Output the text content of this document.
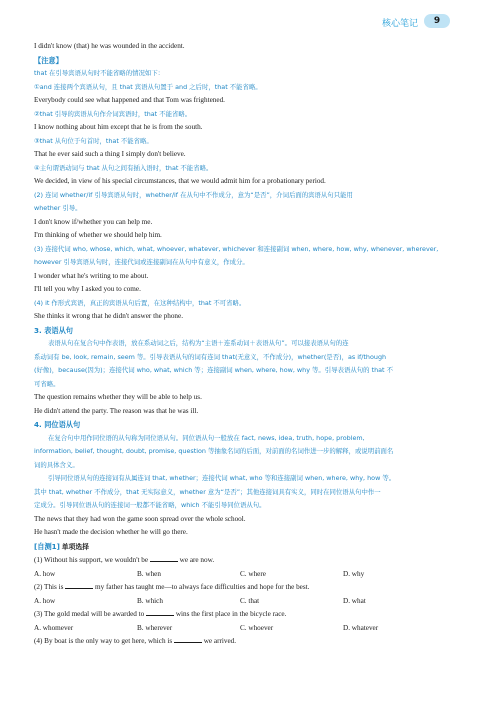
核心笔记	9

I didn't know (that) he was wounded in the accident.

【注意】

that 在引导宾语从句时不能省略的情况如下：

①and 连接两个宾语从句，且 that 宾语从句置于 and 之后时，that 不能省略。

Everybody could see what happened and that Tom was frightened.

②that 引导的宾语从句作介词宾语时，that 不能省略。

I know nothing about him except that he is from the south.

③that 从句位于句首时，that 不能省略。

That he ever said such a thing I simply don't believe.

④主句谓语动词与 that 从句之间有插入语时，that 不能省略。

We decided, in view of his special circumstances, that we would admit him for a probationary period.

(2) 连词 whether/if 引导宾语从句时，whether/if 在从句中不作成分，意为“是否”，介词后面的宾语从句只能用

whether 引导。

I don't know if/whether you can help me.

I'm thinking of whether we should help him.

(3) 连接代词 who, whose, which, what, whoever, whatever, whichever 和连接副词 when, where, how, why, whenever, wherever,

however 引导宾语从句时，连接代词或连接副词在从句中有意义，作成分。

I wonder what he's writing to me about.

I'll tell you why I asked you to come.

(4) it 作形式宾语，真正的宾语从句后置，在这种结构中，that 不可省略。

She thinks it wrong that he didn't answer the phone.

3. 表语从句

表语从句在复合句中作表语，放在系动词之后，结构为“主语＋连系动词＋表语从句”。可以接表语从句的连

系动词有 be, look, remain, seem 等。引导表语从句的词有连词 that(无意义，不作成分)，whether(是否)，as if/though

(好像)，because(因为)；连接代词 who, what, which 等；连接副词 when, where, how, why 等。引导表语从句的 that 不

可省略。

The question remains whether they will be able to help us.

He didn't attend the party. The reason was that he was ill.

4. 同位语从句

在复合句中用作同位语的从句称为同位语从句。同位语从句一般放在 fact, news, idea, truth, hope, problem,

information, belief, thought, doubt, promise, question 等抽象名词的后面，对前面的名词作进一步的解释，或说明前面名

词的具体含义。

引导同位语从句的连接词有从属连词 that, whether；连接代词 what, who 等和连接副词 when, where, why, how 等。

其中 that, whether 不作成分，that 无实际意义，whether 意为“是否”；其他连接词具有实义，同时在同位语从句中作一

定成分。引导同位语从句的连接词一般都不能省略，which 不能引导同位语从句。

The news that they had won the game soon spread over the whole school.

He hasn't made the decision whether he will go there.

[自测1] 单项选择

(1) Without his support, we wouldn't be	we are now.

A. how	B. when	C. where	D. why

(2) This is	my father has taught me—to always face difficulties and hope for the best.

A. how	B. which	C. that	D. what

(3) The gold medal will be awarded to	wins the first place in the bicycle race.

A. whomever	B. wherever	C. whoever	D. whatever

(4) By boat is the only way to get here, which is	we arrived.
